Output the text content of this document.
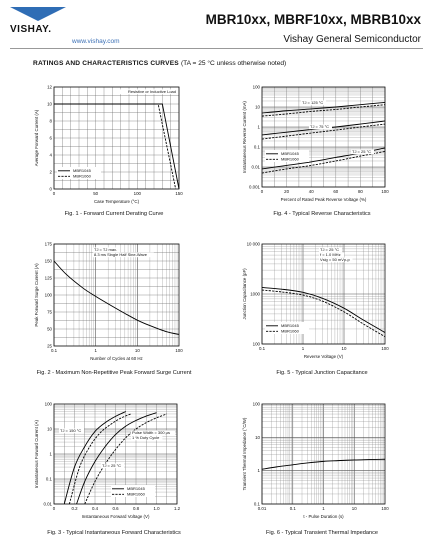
VISHAY.
www.vishay.com
MBR10xx, MBRF10xx, MBRB10xx
Vishay General Semiconductor
RATINGS AND CHARACTERISTICS CURVES (TA = 25 °C unless otherwise noted)
0	50	100	150
0
2
4
6
8
10
12
Case Temperature (°C)
Average Forward Current (A)
Resistive or Inductive Load
0.1	1	10	100
25
50
75
100
125
150
175
Number of Cycles at 60 Hz
Peak Forward Surge Current (A)
TJ = TJ max.
8.3 ms Single Half Sine-Wave
0	0.2	0.4	0.6	0.8	1.0	1.2
0.01
0.1
1
10
100
Instantaneous Forward Voltage (V)
Instantaneous Forward Current (A)	TJ = 150 °C
TJ = 25 °C
Pulse Width = 300 μs
1 % Duty Cycle
0	20	40	60	80	100
0.001
0.01
0.1
1
10
100
Percent of Rated Peak Reverse Voltage (%)
Instantaneous Reverse Current (mA)	TJ = 125 °C
TJ = 75 °C
TJ = 25 °C
0.1	1	10	100
100
1000
10 000
Reverse Voltage (V)
Junction Capacitance (pF)
TJ = 25 °C
f = 1.0 MHz
Vsig = 50 mVp-p
0.01	0.1	1	10	100
0.1
1
10
100
t - Pulse Duration (s)
Transient Thermal Impedance (°C/W)
MBR1045
MBR1060
MBR1045
MBR1060
MBR1045
MBR1060
MBR1045
MBR1060
Fig. 1 - Forward Current Derating Curve	Fig. 4 - Typical Reverse Characteristics
Fig. 2 - Maximum Non-Repetitive Peak Forward Surge Current	Fig. 5 - Typical Junction Capacitance
Fig. 3 - Typical Instantaneous Forward Characteristics	Fig. 6 - Typical Transient Thermal Impedance
